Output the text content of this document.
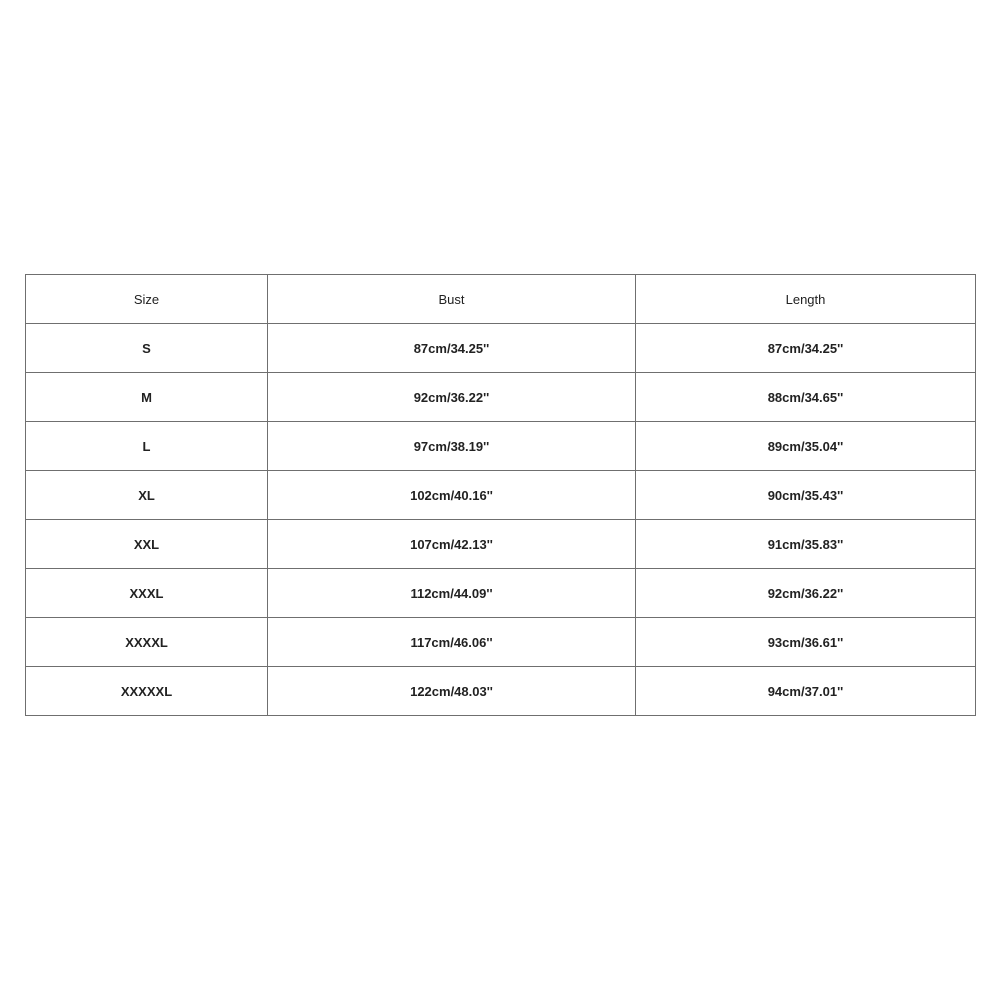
Size	Bust	Length
S	87cm/34.25''	87cm/34.25''
M	92cm/36.22''	88cm/34.65''
L	97cm/38.19''	89cm/35.04''
XL	102cm/40.16''	90cm/35.43''
XXL	107cm/42.13''	91cm/35.83''
XXXL	112cm/44.09''	92cm/36.22''
XXXXL	117cm/46.06''	93cm/36.61''
XXXXXL	122cm/48.03''	94cm/37.01''
